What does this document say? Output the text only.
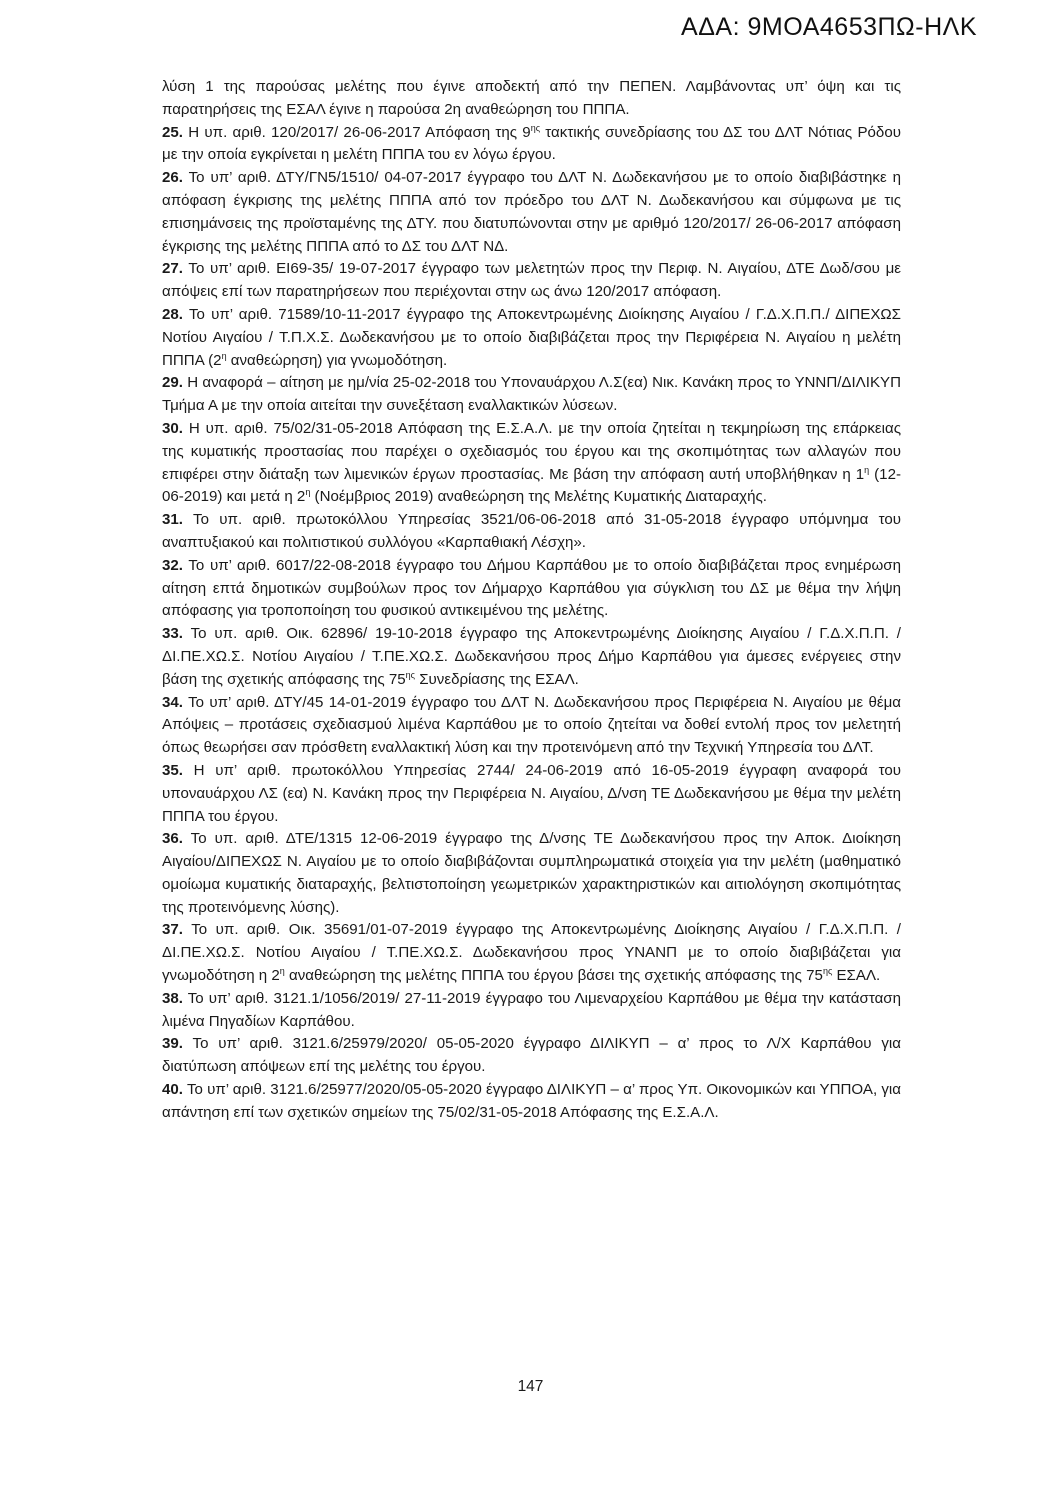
ΑΔΑ: 9ΜΟΑ4653ΠΩ-ΗΛΚ

λύση 1 της παρούσας μελέτης που έγινε αποδεκτή από την ΠΕΠΕΝ. Λαμβάνοντας υπ’ όψη και τις παρατηρήσεις της ΕΣΑΛ έγινε η παρούσα 2η αναθεώρηση του ΠΠΠΑ.

25. Η υπ. αριθ. 120/2017/ 26-06-2017 Απόφαση της $9^{\eta\varsigma}$ τακτικής συνεδρίασης του ΔΣ του ΔΛΤ Νότιας Ρόδου με την οποία εγκρίνεται η μελέτη ΠΠΠΑ του εν λόγω έργου.

26. Το υπ’ αριθ. ΔΤΥ/ΓΝ5/1510/ 04-07-2017 έγγραφο του ΔΛΤ Ν. Δωδεκανήσου με το οποίο διαβιβάστηκε η απόφαση έγκρισης της μελέτης ΠΠΠΑ από τον πρόεδρο του ΔΛΤ Ν. Δωδεκανήσου και σύμφωνα με τις επισημάνσεις της προϊσταμένης της ΔΤΥ. που διατυπώνονται στην με αριθμό 120/2017/ 26-06-2017 απόφαση έγκρισης της μελέτης ΠΠΠΑ από το ΔΣ του ΔΛΤ ΝΔ.

27. Το υπ’ αριθ. ΕΙ69-35/ 19-07-2017 έγγραφο των μελετητών προς την Περιφ. Ν. Αιγαίου, ΔΤΕ Δωδ/σου με απόψεις επί των παρατηρήσεων που περιέχονται στην ως άνω 120/2017 απόφαση.

28. Το υπ’ αριθ. 71589/10-11-2017 έγγραφο της Αποκεντρωμένης Διοίκησης Αιγαίου / Γ.Δ.Χ.Π.Π./ ΔΙΠΕΧΩΣ Νοτίου Αιγαίου / Τ.Π.Χ.Σ. Δωδεκανήσου με το οποίο διαβιβάζεται προς την Περιφέρεια Ν. Αιγαίου η μελέτη ΠΠΠΑ ($2^\eta$ αναθεώρηση) για γνωμοδότηση.

29. Η αναφορά – αίτηση με ημ/νία 25-02-2018 του Υποναυάρχου Λ.Σ(εα) Νικ. Κανάκη προς το ΥΝΝΠ/ΔΙΛΙΚΥΠ Τμήμα Α με την οποία αιτείται την συνεξέταση εναλλακτικών λύσεων.

30. Η υπ. αριθ. 75/02/31-05-2018 Απόφαση της Ε.Σ.Α.Λ. με την οποία ζητείται η τεκμηρίωση της επάρκειας της κυματικής προστασίας που παρέχει ο σχεδιασμός του έργου και της σκοπιμότητας των αλλαγών που επιφέρει στην διάταξη των λιμενικών έργων προστασίας. Με βάση την απόφαση αυτή υποβλήθηκαν η $1^\eta$ (12-06-2019) και μετά η $2^\eta$ (Νοέμβριος 2019) αναθεώρηση της Μελέτης Κυματικής Διαταραχής.

31. Το υπ. αριθ. πρωτοκόλλου Υπηρεσίας 3521/06-06-2018 από 31-05-2018 έγγραφο υπόμνημα του αναπτυξιακού και πολιτιστικού συλλόγου «Καρπαθιακή Λέσχη».

32. Το υπ’ αριθ. 6017/22-08-2018 έγγραφο του Δήμου Καρπάθου με το οποίο διαβιβάζεται προς ενημέρωση αίτηση επτά δημοτικών συμβούλων προς τον Δήμαρχο Καρπάθου για σύγκλιση του ΔΣ με θέμα την λήψη απόφασης για τροποποίηση του φυσικού αντικειμένου της μελέτης.

33. Το υπ. αριθ. Οικ. 62896/ 19-10-2018 έγγραφο της Αποκεντρωμένης Διοίκησης Αιγαίου / Γ.Δ.Χ.Π.Π. / ΔΙ.ΠΕ.ΧΩ.Σ. Νοτίου Αιγαίου / Τ.ΠΕ.ΧΩ.Σ. Δωδεκανήσου προς Δήμο Καρπάθου για άμεσες ενέργειες στην βάση της σχετικής απόφασης της $75^{\eta\varsigma}$ Συνεδρίασης της ΕΣΑΛ.

34. Το υπ’ αριθ. ΔΤΥ/45 14-01-2019 έγγραφο του ΔΛΤ Ν. Δωδεκανήσου προς Περιφέρεια Ν. Αιγαίου με θέμα Απόψεις – προτάσεις σχεδιασμού λιμένα Καρπάθου με το οποίο ζητείται να δοθεί εντολή προς τον μελετητή όπως θεωρήσει σαν πρόσθετη εναλλακτική λύση και την προτεινόμενη από την Τεχνική Υπηρεσία του ΔΛΤ.

35. Η υπ’ αριθ. πρωτοκόλλου Υπηρεσίας 2744/ 24-06-2019 από 16-05-2019 έγγραφη αναφορά του υποναυάρχου ΛΣ (εα) Ν. Κανάκη προς την Περιφέρεια Ν. Αιγαίου, Δ/νση ΤΕ Δωδεκανήσου με θέμα την μελέτη ΠΠΠΑ του έργου.

36. Το υπ. αριθ. ΔΤΕ/1315 12-06-2019 έγγραφο της Δ/νσης ΤΕ Δωδεκανήσου προς την Αποκ. Διοίκηση Αιγαίου/ΔΙΠΕΧΩΣ Ν. Αιγαίου με το οποίο διαβιβάζονται συμπληρωματικά στοιχεία για την μελέτη (μαθηματικό ομοίωμα κυματικής διαταραχής, βελτιστοποίηση γεωμετρικών χαρακτηριστικών και αιτιολόγηση σκοπιμότητας της προτεινόμενης λύσης).

37. Το υπ. αριθ. Οικ. 35691/01-07-2019 έγγραφο της Αποκεντρωμένης Διοίκησης Αιγαίου / Γ.Δ.Χ.Π.Π. / ΔΙ.ΠΕ.ΧΩ.Σ. Νοτίου Αιγαίου / Τ.ΠΕ.ΧΩ.Σ. Δωδεκανήσου προς ΥΝΑΝΠ με το οποίο διαβιβάζεται για γνωμοδότηση η $2^\eta$ αναθεώρηση της μελέτης ΠΠΠΑ του έργου βάσει της σχετικής απόφασης της $75^{\eta\varsigma}$ ΕΣΑΛ.

38. Το υπ’ αριθ. 3121.1/1056/2019/ 27-11-2019 έγγραφο του Λιμεναρχείου Καρπάθου με θέμα την κατάσταση λιμένα Πηγαδίων Καρπάθου.

39. Το υπ’ αριθ. 3121.6/25979/2020/ 05-05-2020 έγγραφο ΔΙΛΙΚΥΠ – α’ προς το Λ/Χ Καρπάθου για διατύπωση απόψεων επί της μελέτης του έργου.

40. Το υπ’ αριθ. 3121.6/25977/2020/05-05-2020 έγγραφο ΔΙΛΙΚΥΠ – α’ προς Υπ. Οικονομικών και ΥΠΠΟΑ, για απάντηση επί των σχετικών σημείων της 75/02/31-05-2018 Απόφασης της Ε.Σ.Α.Λ.

147
